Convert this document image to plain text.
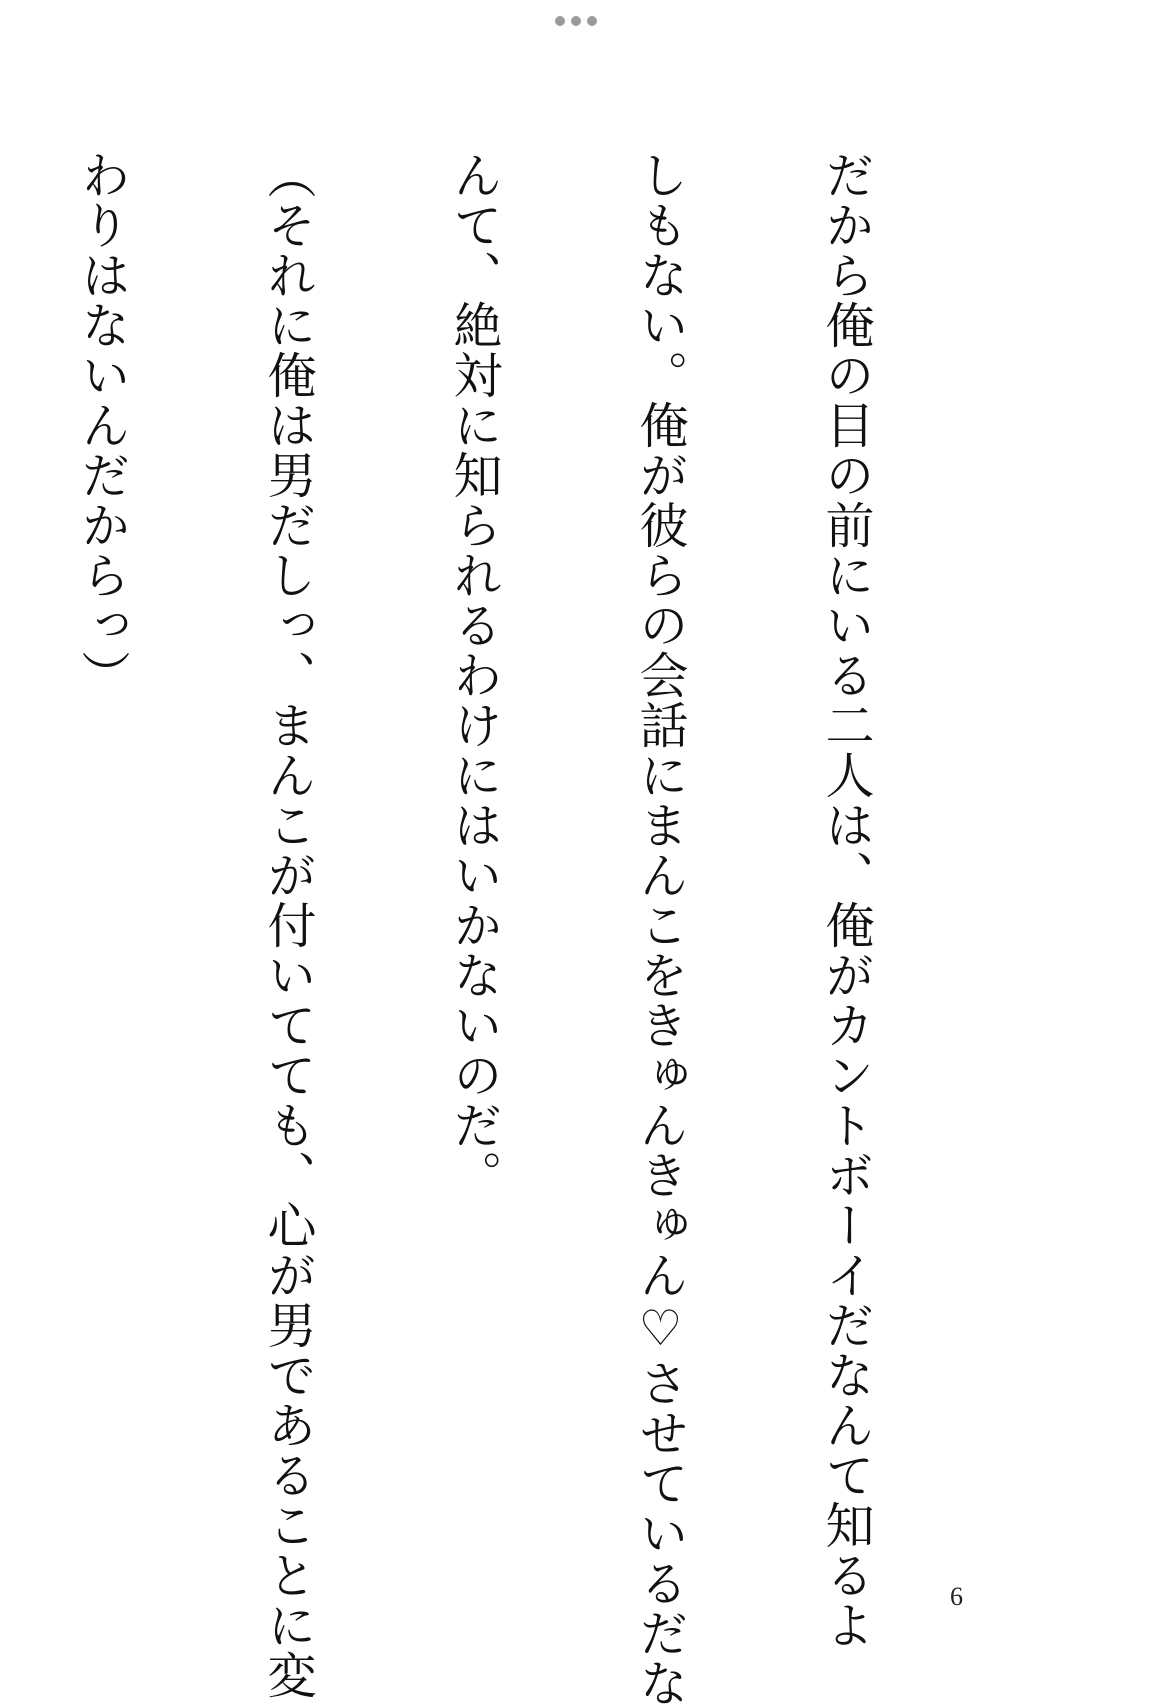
だから俺の目の前にいる二人は、俺がカントボーイだなんて知るよ

しもない。俺が彼らの会話にまんこをきゅんきゅん♡させているだな

んて、絶対に知られるわけにはいかないのだ。

（それに俺は男だしっ、まんこが付いてても、心が男であることに変

わりはないんだからっ）

6
